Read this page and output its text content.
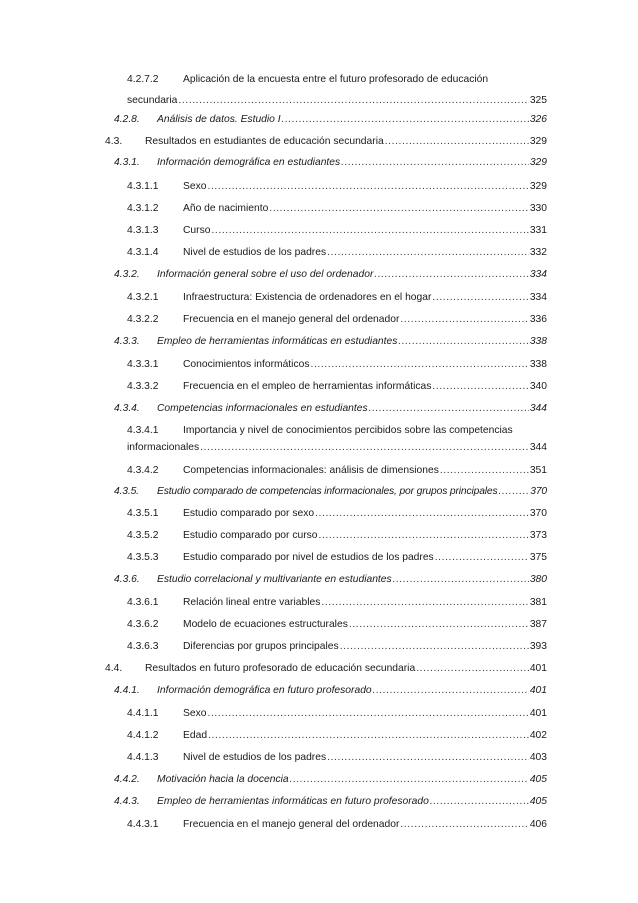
4.2.7.2 Aplicación de la encuesta entre el futuro profesorado de educación
secundaria .....	325
4.2.8.	Análisis de datos. Estudio I .....	326
4.3.	Resultados en estudiantes de educación secundaria .....	329
4.3.1.	Información demográfica en estudiantes .....	329
4.3.1.1	Sexo .....	329
4.3.1.2	Año de nacimiento .....	330
4.3.1.3	Curso .....	331
4.3.1.4	Nivel de estudios de los padres .....	332
4.3.2.	Información general sobre el uso del ordenador .....	334
4.3.2.1	Infraestructura: Existencia de ordenadores en el hogar .....	334
4.3.2.2	Frecuencia en el manejo general del ordenador .....	336
4.3.3.	Empleo de herramientas informáticas en estudiantes .....	338
4.3.3.1	Conocimientos informáticos .....	338
4.3.3.2	Frecuencia en el empleo de herramientas informáticas .....	340
4.3.4.	Competencias informacionales en estudiantes .....	344
4.3.4.1 Importancia y nivel de conocimientos percibidos sobre las competencias
informacionales .....	344
4.3.4.2	Competencias informacionales: análisis de dimensiones .....	351
4.3.5.	Estudio comparado de competencias informacionales, por grupos principales .....	370
4.3.5.1	Estudio comparado por sexo .....	370
4.3.5.2	Estudio comparado por curso .....	373
4.3.5.3	Estudio comparado por nivel de estudios de los padres .....	375
4.3.6.	Estudio correlacional y multivariante en estudiantes .....	380
4.3.6.1	Relación lineal entre variables .....	381
4.3.6.2	Modelo de ecuaciones estructurales .....	387
4.3.6.3	Diferencias por grupos principales .....	393
4.4.	Resultados en futuro profesorado de educación secundaria .....	401
4.4.1.	Información demográfica en futuro profesorado .....	401
4.4.1.1	Sexo .....	401
4.4.1.2	Edad .....	402
4.4.1.3	Nivel de estudios de los padres .....	403
4.4.2.	Motivación hacia la docencia .....	405
4.4.3.	Empleo de herramientas informáticas en futuro profesorado .....	405
4.4.3.1	Frecuencia en el manejo general del ordenador .....	406
